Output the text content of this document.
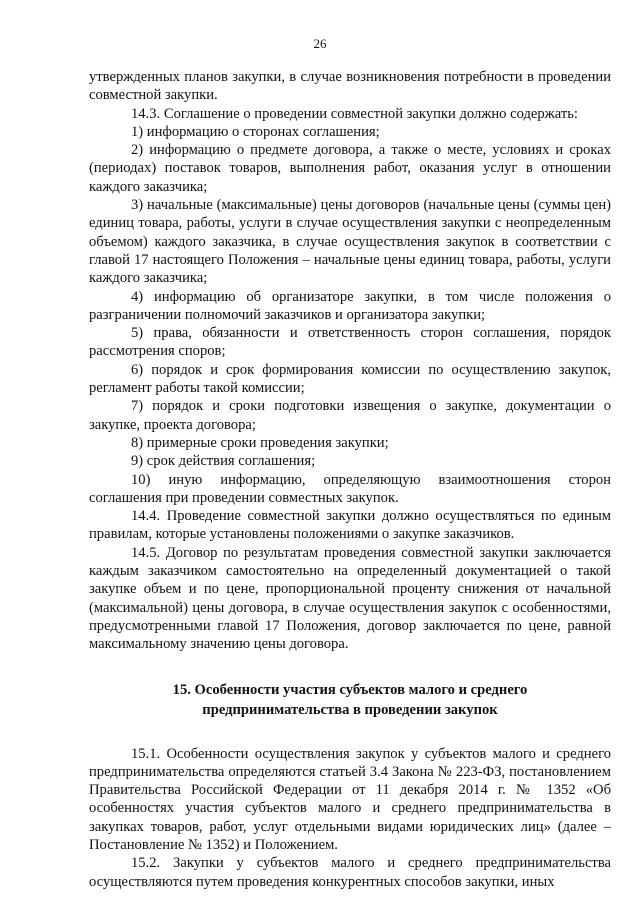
26

утвержденных планов закупки, в случае возникновения потребности в проведении совместной закупки.

14.3. Соглашение о проведении совместной закупки должно содержать:

1) информацию о сторонах соглашения;

2) информацию о предмете договора, а также о месте, условиях и сроках (периодах) поставок товаров, выполнения работ, оказания услуг в отношении каждого заказчика;

3) начальные (максимальные) цены договоров (начальные цены (суммы цен) единиц товара, работы, услуги в случае осуществления закупки с неопределенным объемом) каждого заказчика, в случае осуществления закупок в соответствии с главой 17 настоящего Положения – начальные цены единиц товара, работы, услуги каждого заказчика;

4) информацию об организаторе закупки, в том числе положения о разграничении полномочий заказчиков и организатора закупки;

5) права, обязанности и ответственность сторон соглашения, порядок рассмотрения споров;

6) порядок и срок формирования комиссии по осуществлению закупок, регламент работы такой комиссии;

7) порядок и сроки подготовки извещения о закупке, документации о закупке, проекта договора;

8) примерные сроки проведения закупки;

9) срок действия соглашения;

10) иную информацию, определяющую взаимоотношения сторон соглашения при проведении совместных закупок.

14.4. Проведение совместной закупки должно осуществляться по единым правилам, которые установлены положениями о закупке заказчиков.

14.5. Договор по результатам проведения совместной закупки заключается каждым заказчиком самостоятельно на определенный документацией о такой закупке объем и по цене, пропорциональной проценту снижения от начальной (максимальной) цены договора, в случае осуществления закупок с особенностями, предусмотренными главой 17 Положения, договор заключается по цене, равной максимальному значению цены договора.

15. Особенности участия субъектов малого и среднего
предпринимательства в проведении закупок

15.1. Особенности осуществления закупок у субъектов малого и среднего предпринимательства определяются статьей 3.4 Закона № 223-ФЗ, постановлением Правительства Российской Федерации от 11 декабря 2014 г. № 1352 «Об особенностях участия субъектов малого и среднего предпринимательства в закупках товаров, работ, услуг отдельными видами юридических лиц» (далее – Постановление № 1352) и Положением.

15.2. Закупки у субъектов малого и среднего предпринимательства осуществляются путем проведения конкурентных способов закупки, иных
